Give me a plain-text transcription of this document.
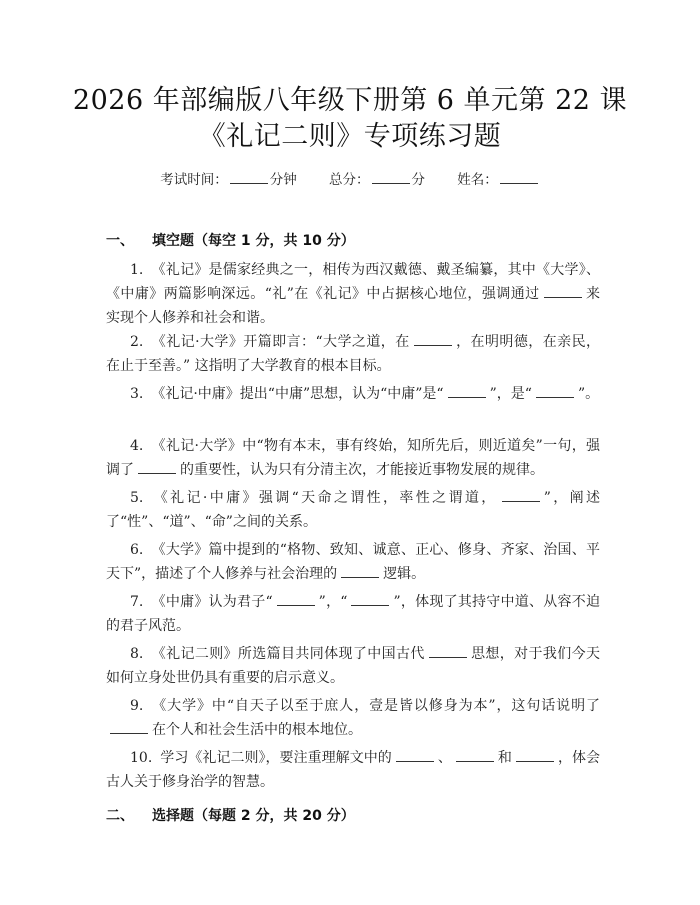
2026 年部编版八年级下册第 6 单元第 22 课
《礼记二则》专项练习题
考试时间：	分钟 总分：	分 姓名：
一、 填空题（每空 1 分，共 10 分）

1. 《礼记》是儒家经典之一，相传为西汉戴德、戴圣编纂，其中《大学》、《中庸》两篇影响深远。“礼”在《礼记》中占据核心地位，强调通过	来实现个人修养和社会和谐。

2. 《礼记·大学》开篇即言：“大学之道，在	，在明明德，在亲民，在止于至善。” 这指明了大学教育的根本目标。

3. 《礼记·中庸》提出“中庸”思想，认为“中庸”是“	”，是“	”。

4. 《礼记·大学》中“物有本末，事有终始，知所先后，则近道矣”一句，强调了	的重要性，认为只有分清主次，才能接近事物发展的规律。

5. 《礼记·中庸》强调“天命之谓性，率性之谓道，	”，阐述了“性”、“道”、“命”之间的关系。

6. 《大学》篇中提到的“格物、致知、诚意、正心、修身、齐家、治国、平天下”，描述了个人修养与社会治理的	逻辑。

7. 《中庸》认为君子“	”，“	”，体现了其持守中道、从容不迫的君子风范。

8. 《礼记二则》所选篇目共同体现了中国古代	思想，对于我们今天如何立身处世仍具有重要的启示意义。

9. 《大学》中“自天子以至于庶人，壹是皆以修身为本”，这句话说明了在个人和社会生活中的根本地位。

10. 学习《礼记二则》，要注重理解文中的	、	和	，体会古人关于修身治学的智慧。

二、 选择题（每题 2 分，共 20 分）
